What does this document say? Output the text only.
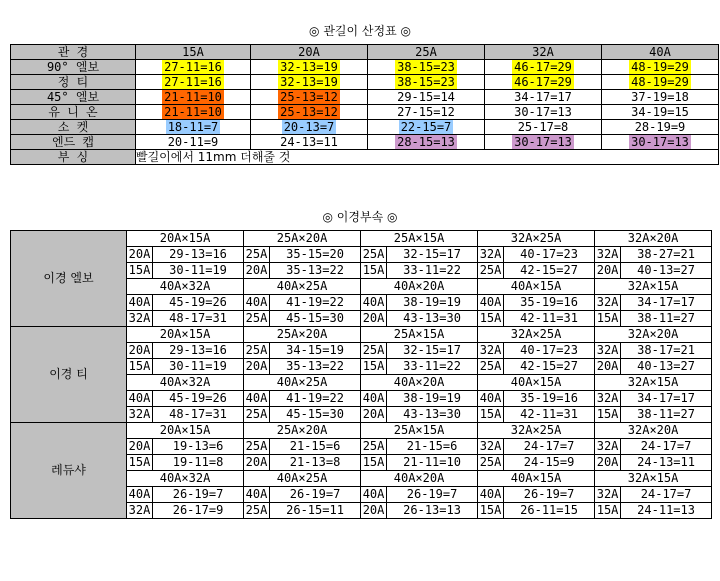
◎ 관길이 산정표 ◎
관 경	15A	20A	25A	32A	40A
90° 엘보	27-11=16	32-13=19	38-15=23	46-17=29	48-19=29
정 티	27-11=16	32-13=19	38-15=23	46-17=29	48-19=29
45° 엘보	21-11=10	25-13=12	29-15=14	34-17=17	37-19=18
유 니 온	21-11=10	25-13=12	27-15=12	30-17=13	34-19=15
소 켓	18-11=7	20-13=7	22-15=7	25-17=8	28-19=9
엔드 캡	20-11=9	24-13=11	28-15=13	30-17=13	30-17=13
부 싱	빨길이에서 11mm 더해줄 것				
◎ 이경부속 ◎
이경 엘보	20A×15A		25A×20A		25A×15A		32A×25A		32A×20A	
	20A	29-13=16	25A	35-15=20	25A	32-15=17	32A	40-17=23	32A	38-27=21
	15A	30-11=19	20A	35-13=22	15A	33-11=22	25A	42-15=27	20A	40-13=27
	40A×32A		40A×25A		40A×20A		40A×15A		32A×15A	
	40A	45-19=26	40A	41-19=22	40A	38-19=19	40A	35-19=16	32A	34-17=17
	32A	48-17=31	25A	45-15=30	20A	43-13=30	15A	42-11=31	15A	38-11=27
이경 티	20A×15A		25A×20A		25A×15A		32A×25A		32A×20A	
	20A	29-13=16	25A	34-15=19	25A	32-15=17	32A	40-17=23	32A	38-17=21
	15A	30-11=19	20A	35-13=22	15A	33-11=22	25A	42-15=27	20A	40-13=27
	40A×32A		40A×25A		40A×20A		40A×15A		32A×15A	
	40A	45-19=26	40A	41-19=22	40A	38-19=19	40A	35-19=16	32A	34-17=17
	32A	48-17=31	25A	45-15=30	20A	43-13=30	15A	42-11=31	15A	38-11=27
레듀샤	20A×15A		25A×20A		25A×15A		32A×25A		32A×20A	
	20A	19-13=6	25A	21-15=6	25A	21-15=6	32A	24-17=7	32A	24-17=7
	15A	19-11=8	20A	21-13=8	15A	21-11=10	25A	24-15=9	20A	24-13=11
	40A×32A		40A×25A		40A×20A		40A×15A		32A×15A	
	40A	26-19=7	40A	26-19=7	40A	26-19=7	40A	26-19=7	32A	24-17=7
	32A	26-17=9	25A	26-15=11	20A	26-13=13	15A	26-11=15	15A	24-11=13
